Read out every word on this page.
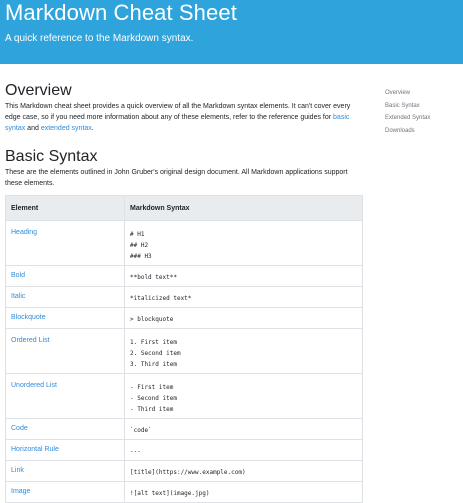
Markdown Cheat Sheet
A quick reference to the Markdown syntax.
Overview

This Markdown cheat sheet provides a quick overview of all the Markdown syntax elements. It can't cover every edge case, so if you need more information about any of these elements, refer to the reference guides for basic syntax and extended syntax.

Basic Syntax

These are the elements outlined in John Gruber's original design document. All Markdown applications support these elements.

Element	Markdown Syntax
Heading	# H1
## H2
### H3

Bold	**bold text**

Italic	*italicized text*

Blockquote	> blockquote

Ordered List	1. First item
2. Second item
3. Third item

Unordered List	- First item
- Second item
- Third item

Code	`code`

Horizontal Rule	---

Link	[title](https://www.example.com)

Image	![alt text](image.jpg)
Overview
Basic Syntax
Extended Syntax
Downloads
